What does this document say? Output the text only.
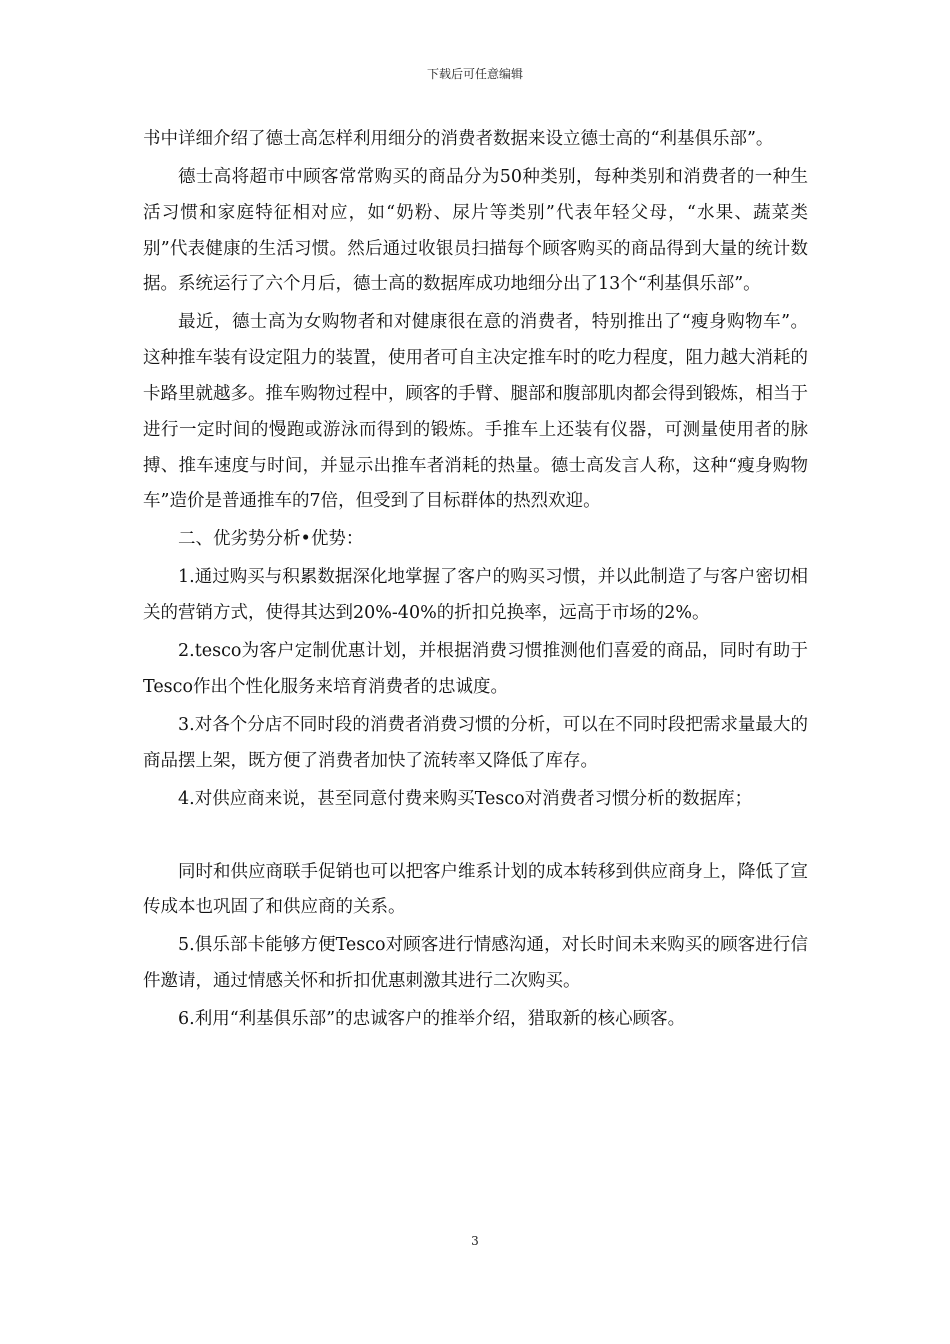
下载后可任意编辑

书中详细介绍了德士高怎样利用细分的消费者数据来设立德士高的“利基俱乐部”。

德士高将超市中顾客常常购买的商品分为50种类别，每种类别和消费者的一种生活习惯和家庭特征相对应，如“奶粉、尿片等类别”代表年轻父母，“水果、蔬菜类别”代表健康的生活习惯。然后通过收银员扫描每个顾客购买的商品得到大量的统计数据。系统运行了六个月后，德士高的数据库成功地细分出了13个“利基俱乐部”。

最近，德士高为女购物者和对健康很在意的消费者，特别推出了“瘦身购物车”。这种推车装有设定阻力的装置，使用者可自主决定推车时的吃力程度，阻力越大消耗的卡路里就越多。推车购物过程中，顾客的手臂、腿部和腹部肌肉都会得到锻炼，相当于进行一定时间的慢跑或游泳而得到的锻炼。手推车上还装有仪器，可测量使用者的脉搏、推车速度与时间，并显示出推车者消耗的热量。德士高发言人称，这种“瘦身购物车”造价是普通推车的7倍，但受到了目标群体的热烈欢迎。

二、优劣势分析•优势：

1.通过购买与积累数据深化地掌握了客户的购买习惯，并以此制造了与客户密切相关的营销方式，使得其达到20%-40%的折扣兑换率，远高于市场的2%。

2.tesco为客户定制优惠计划，并根据消费习惯推测他们喜爱的商品，同时有助于Tesco作出个性化服务来培育消费者的忠诚度。

3.对各个分店不同时段的消费者消费习惯的分析，可以在不同时段把需求量最大的商品摆上架，既方便了消费者加快了流转率又降低了库存。

4.对供应商来说，甚至同意付费来购买Tesco对消费者习惯分析的数据库；

同时和供应商联手促销也可以把客户维系计划的成本转移到供应商身上，降低了宣传成本也巩固了和供应商的关系。

5.俱乐部卡能够方便Tesco对顾客进行情感沟通，对长时间未来购买的顾客进行信件邀请，通过情感关怀和折扣优惠刺激其进行二次购买。

6.利用“利基俱乐部”的忠诚客户的推举介绍，猎取新的核心顾客。

3
